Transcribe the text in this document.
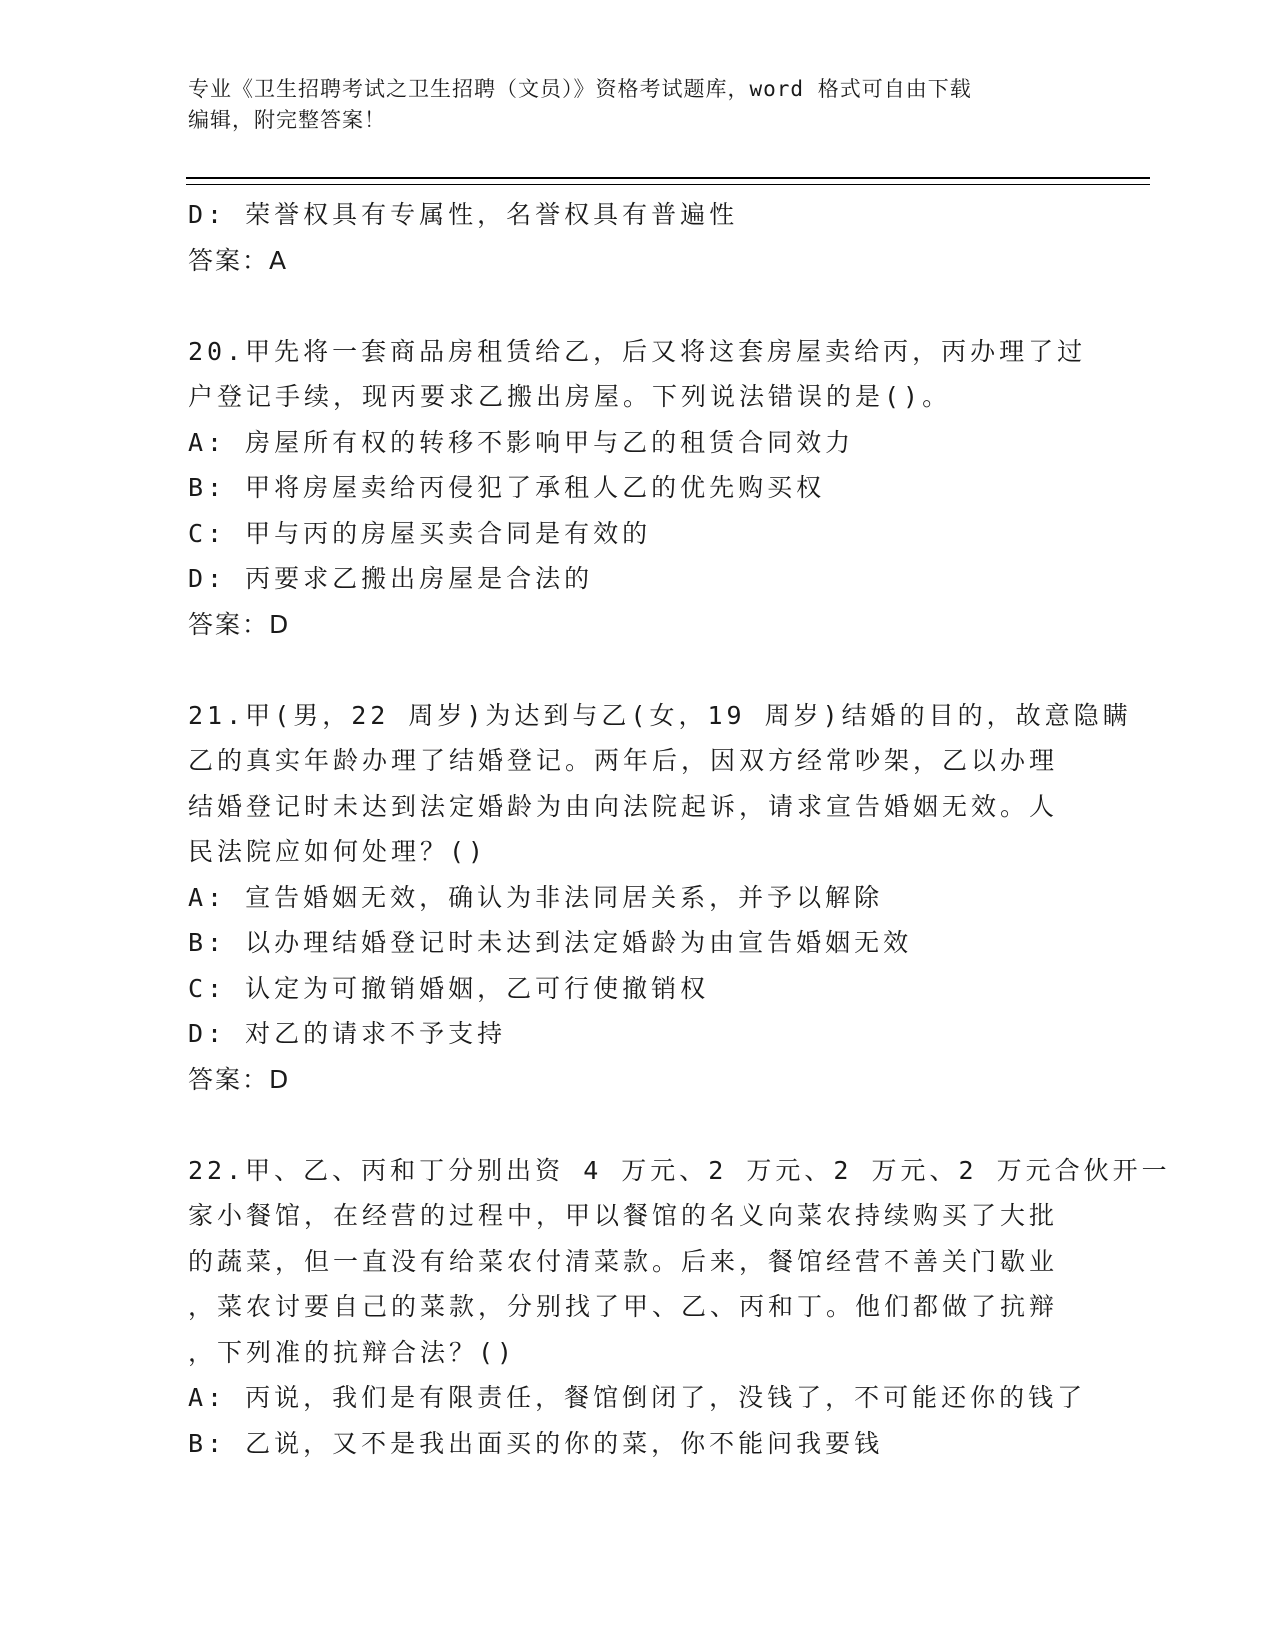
专业《卫生招聘考试之卫生招聘（文员）》资格考试题库，word 格式可自由下载
编辑，附完整答案！
D: 荣誉权具有专属性，名誉权具有普遍性
答案：A
20.甲先将一套商品房租赁给乙，后又将这套房屋卖给丙，丙办理了过
户登记手续，现丙要求乙搬出房屋。下列说法错误的是()。
A: 房屋所有权的转移不影响甲与乙的租赁合同效力
B: 甲将房屋卖给丙侵犯了承租人乙的优先购买权
C: 甲与丙的房屋买卖合同是有效的
D: 丙要求乙搬出房屋是合法的
答案：D
21.甲(男，22 周岁)为达到与乙(女，19 周岁)结婚的目的，故意隐瞒
乙的真实年龄办理了结婚登记。两年后，因双方经常吵架，乙以办理
结婚登记时未达到法定婚龄为由向法院起诉，请求宣告婚姻无效。人
民法院应如何处理？()
A: 宣告婚姻无效，确认为非法同居关系，并予以解除
B: 以办理结婚登记时未达到法定婚龄为由宣告婚姻无效
C: 认定为可撤销婚姻，乙可行使撤销权
D: 对乙的请求不予支持
答案：D
22.甲、乙、丙和丁分别出资 4 万元、2 万元、2 万元、2 万元合伙开一
家小餐馆，在经营的过程中，甲以餐馆的名义向菜农持续购买了大批
的蔬菜，但一直没有给菜农付清菜款。后来，餐馆经营不善关门歇业
，菜农讨要自己的菜款，分别找了甲、乙、丙和丁。他们都做了抗辩
，下列准的抗辩合法？()
A: 丙说，我们是有限责任，餐馆倒闭了，没钱了，不可能还你的钱了
B: 乙说，又不是我出面买的你的菜，你不能问我要钱
